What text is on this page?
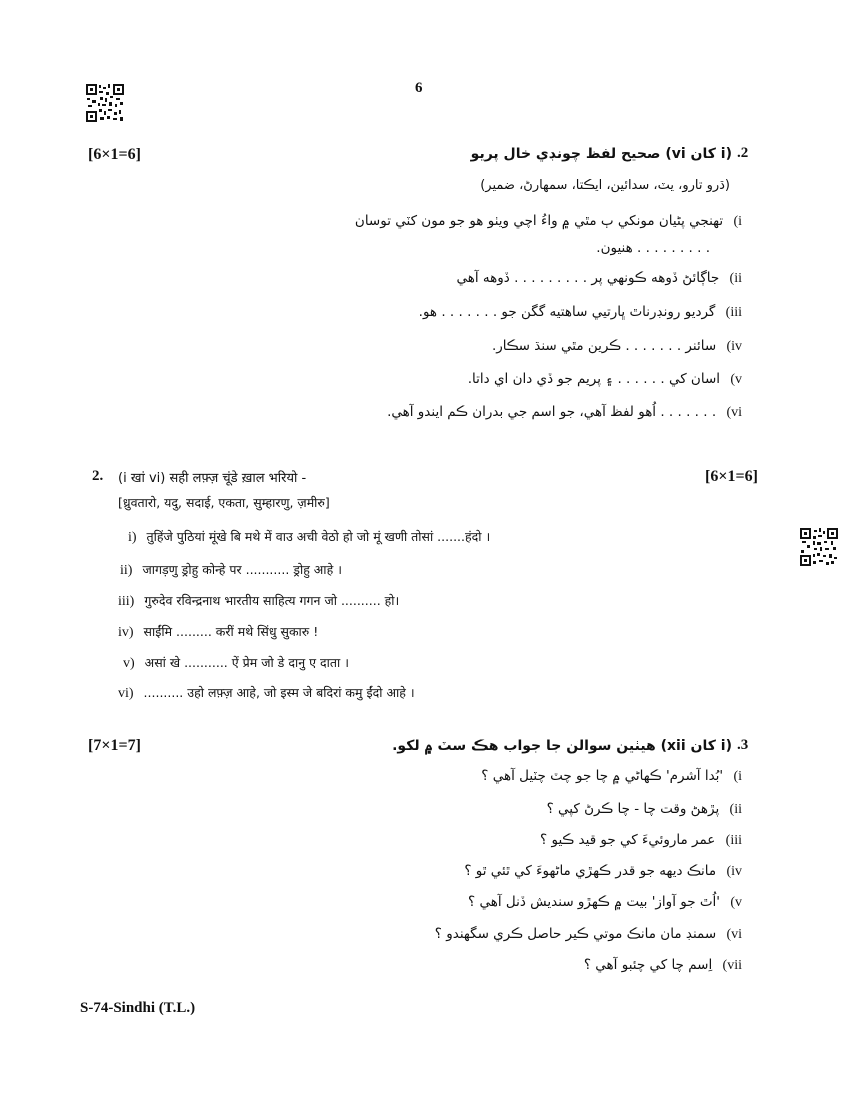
6
[6×1=6]	.2
(i کان vi) صحیح لفظ چونڊي خال پريو
(ڌرو تارو، يٽ، سدائين، ايڪتا، سمهارڻ، ضمير)
i) تهنجي پڻيان مونکي ٻ مٿي ۾ واءُ اچي ويٺو هو جو مون کٽي توسان
. . . . . . . . . هنيون.
ii) جاڳائڻ ڏوهه ڪونهي پر . . . . . . . . . ڏوهه آهي
iii) گرديو رونڊرناٿ ڀارتيي ساهتيه گگن جو . . . . . . . هو.
iv) سائنر . . . . . . . ڪرين مٿي سنڌ سڪار.
v) اسان کي . . . . . . ۽ پريم جو ڏي دان اي داتا.
vi) . . . . . . . اُهو لفظ آهي، جو اسم جي بدران ڪم ايندو آهي.
2. (i खां vi) सही लफ़्ज़ चूंडे ख़ाल भरियो -	[6×1=6]
[ध्रुवतारो, यदु, सदाई, एकता, सुम्हारणु, ज़मीरु]
i) तुहिंजे पुठियां मूंखे बि मथे में वाउ अची वेठो हो जो मूं खणी तोसां .......हंदो ।
ii) जागड़णु ड्रोहु कोन्हे पर ........... ड्रोहु आहे ।
iii) गुरुदेव रविन्द्रनाथ भारतीय साहित्य गगन जो .......... हो।
iv) साईंमि ......... करीं मथे सिंधु सुकारु !
v) असां खे ........... ऐं प्रेम जो डे दानु ए दाता ।
vi) .......... उहो लफ़्ज़ आहे, जो इस्म जे बदिरां कमु ईंदो आहे ।
[7×1=7]	.3
(i کان xii) هيٺين سوالن جا جواب هڪ سٽ ۾ لکو.
i) 'بُدا آشرم' ڪهاڻي ۾ چا جو چٽ چٽيل آهي ؟
ii) پڙهڻ وقت چا - چا ڪرڻ کپي ؟
iii) عمر ماروئيءَ کي جو قيد ڪيو ؟
iv) مانڪ ديهه جو قدر ڪهڙي ماڻهوءَ کي ٿئي ٿو ؟
v) 'اُٿ جو آواز' بيت ۾ ڪهڙو سنديش ڏنل آهي ؟
vi) سمنڊ مان مانڪ موتي ڪير حاصل ڪري سگهندو ؟
vii) اِسم چا کي چئبو آهي ؟
S-74-Sindhi (T.L.)
